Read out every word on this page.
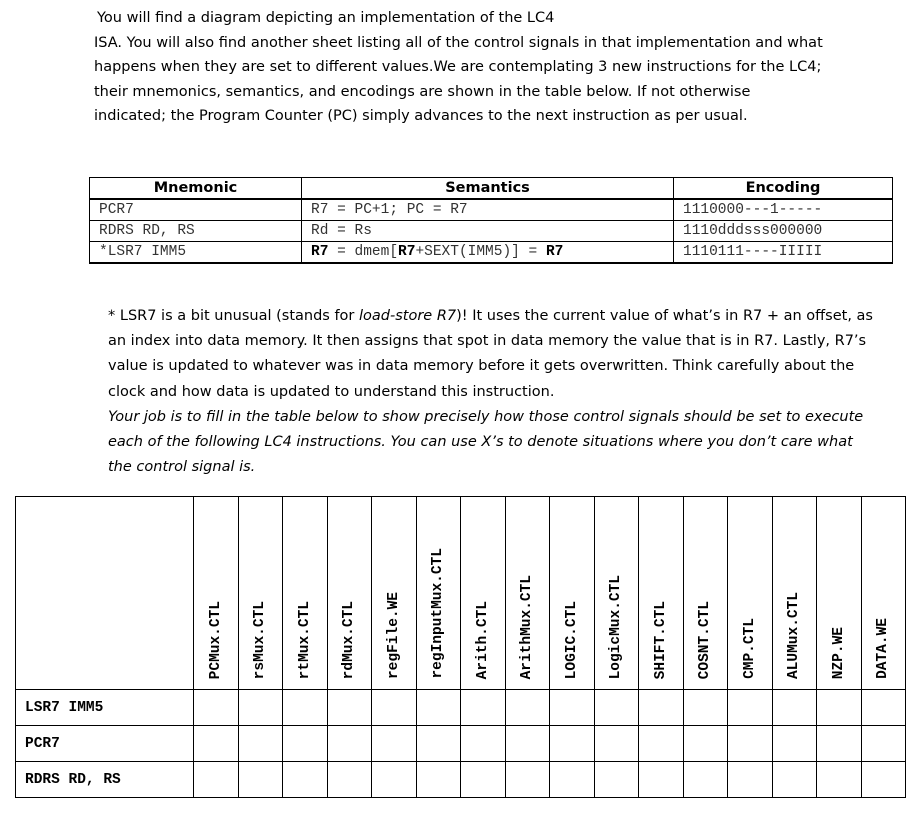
You will find a diagram depicting an implementation of the LC4

ISA. You will also find another sheet listing all of the control signals in that implementation and what

happens when they are set to different values.We are contemplating 3 new instructions for the LC4;

their mnemonics, semantics, and encodings are shown in the table below. If not otherwise

indicated; the Program Counter (PC) simply advances to the next instruction as per usual.

Mnemonic	Semantics	Encoding
PCR7	R7 = PC+1; PC = R7	1110000---1-----
RDRS RD, RS	Rd = Rs	1110dddsss000000
*LSR7 IMM5	R7 = dmem[R7+SEXT(IMM5)] = R7	1110111----IIIII

* LSR7 is a bit unusual (stands for load-store R7)! It uses the current value of what’s in R7 + an offset, as

an index into data memory. It then assigns that spot in data memory the value that is in R7. Lastly, R7’s

value is updated to whatever was in data memory before it gets overwritten. Think carefully about the

clock and how data is updated to understand this instruction.

Your job is to fill in the table below to show precisely how those control signals should be set to execute

each of the following LC4 instructions. You can use X’s to denote situations where you don’t care what

the control signal is.

	PCMux.CTL	rsMux.CTL	rtMux.CTL	rdMux.CTL	regFile.WE	regInputMux.CTL	Arith.CTL	ArithMux.CTL	LOGIC.CTL	LogicMux.CTL	SHIFT.CTL	COSNT.CTL	CMP.CTL	ALUMux.CTL	NZP.WE	DATA.WE
LSR7 IMM5																
PCR7																
RDRS RD, RS																
